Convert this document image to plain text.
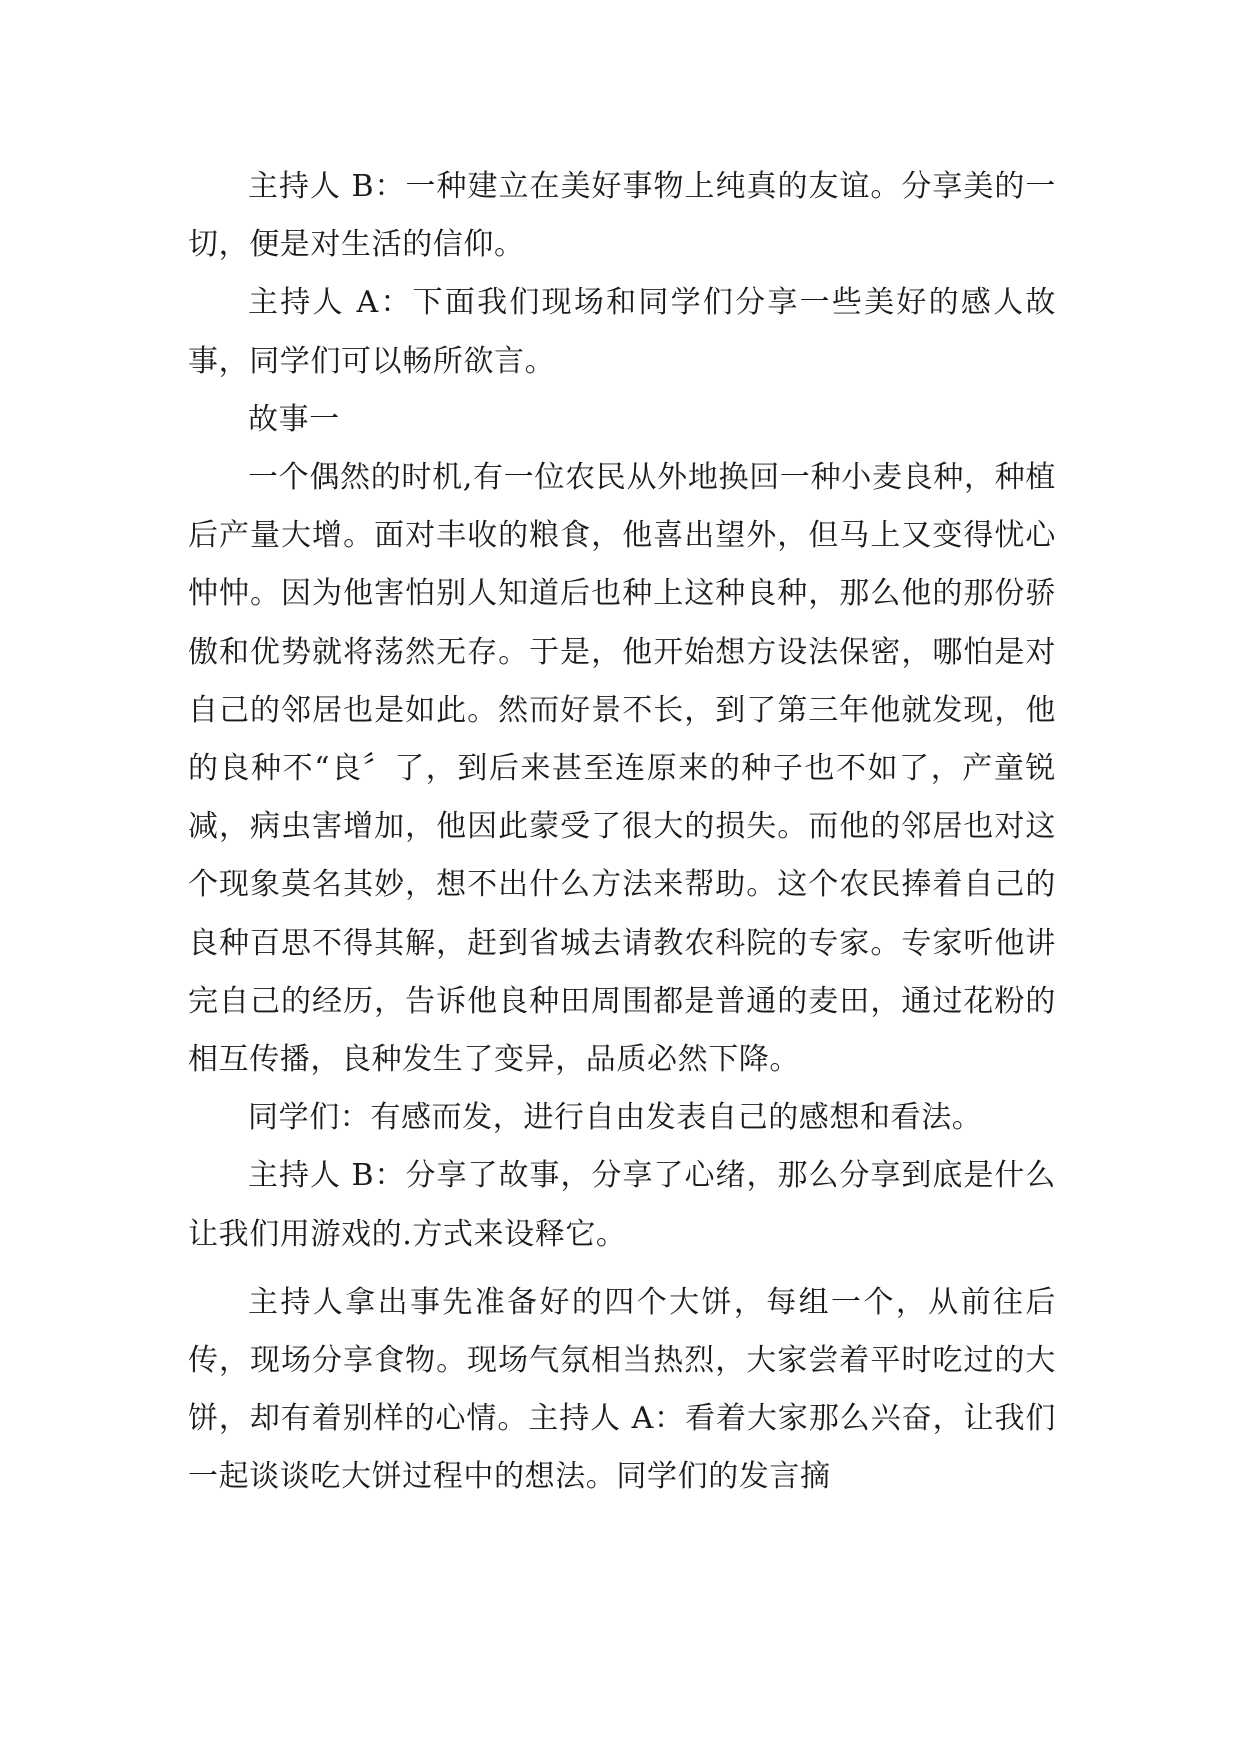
主持人 B：一种建立在美好事物上纯真的友谊。分享美的一切，便是对生活的信仰。

主持人 A：下面我们现场和同学们分享一些美好的感人故事，同学们可以畅所欲言。

故事一

一个偶然的时机,有一位农民从外地换回一种小麦良种，种植后产量大增。面对丰收的粮食，他喜出望外，但马上又变得忧心忡忡。因为他害怕别人知道后也种上这种良种，那么他的那份骄傲和优势就将荡然无存。于是，他开始想方设法保密，哪怕是对自己的邻居也是如此。然而好景不长，到了第三年他就发现，他的良种不“良〞了，到后来甚至连原来的种子也不如了，产童锐减，病虫害增加，他因此蒙受了很大的损失。而他的邻居也对这个现象莫名其妙，想不出什么方法来帮助。这个农民捧着自己的良种百思不得其解，赶到省城去请教农科院的专家。专家听他讲完自己的经历，告诉他良种田周围都是普通的麦田，通过花粉的相互传播，良种发生了变异，品质必然下降。

同学们：有感而发，进行自由发表自己的感想和看法。

主持人 B：分享了故事，分享了心绪，那么分享到底是什么让我们用游戏的.方式来设释它。

主持人拿出事先准备好的四个大饼，每组一个，从前往后传，现场分享食物。现场气氛相当热烈，大家尝着平时吃过的大饼，却有着别样的心情。主持人 A：看着大家那么兴奋，让我们一起谈谈吃大饼过程中的想法。同学们的发言摘
